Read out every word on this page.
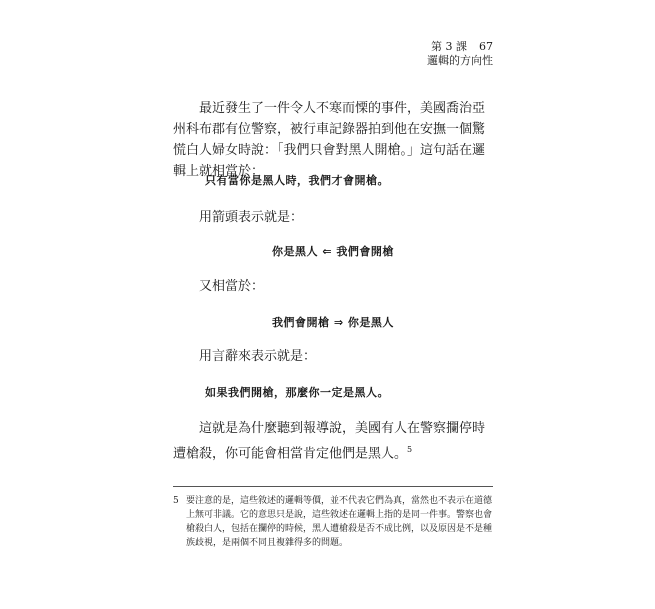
第 3 課 67
邏輯的方向性

最近發生了一件令人不寒而慄的事件，美國喬治亞州科布郡有位警察，被行車記錄器拍到他在安撫一個驚慌白人婦女時說：「我們只會對黑人開槍。」這句話在邏輯上就相當於：

只有當你是黑人時，我們才會開槍。

用箭頭表示就是：

你是黑人 ⇐ 我們會開槍

又相當於：

我們會開槍 ⇒ 你是黑人

用言辭來表示就是：

如果我們開槍，那麼你一定是黑人。

這就是為什麼聽到報導說，美國有人在警察攔停時遭槍殺，你可能會相當肯定他們是黑人。$^5$

5 要注意的是，這些敘述的邏輯等價，並不代表它們為真，當然也不表示在道德上無可非議。它的意思只是說，這些敘述在邏輯上指的是同一件事。警察也會槍殺白人，包括在攔停的時候，黑人遭槍殺是否不成比例，以及原因是不是種族歧視，是兩個不同且複雜得多的問題。
